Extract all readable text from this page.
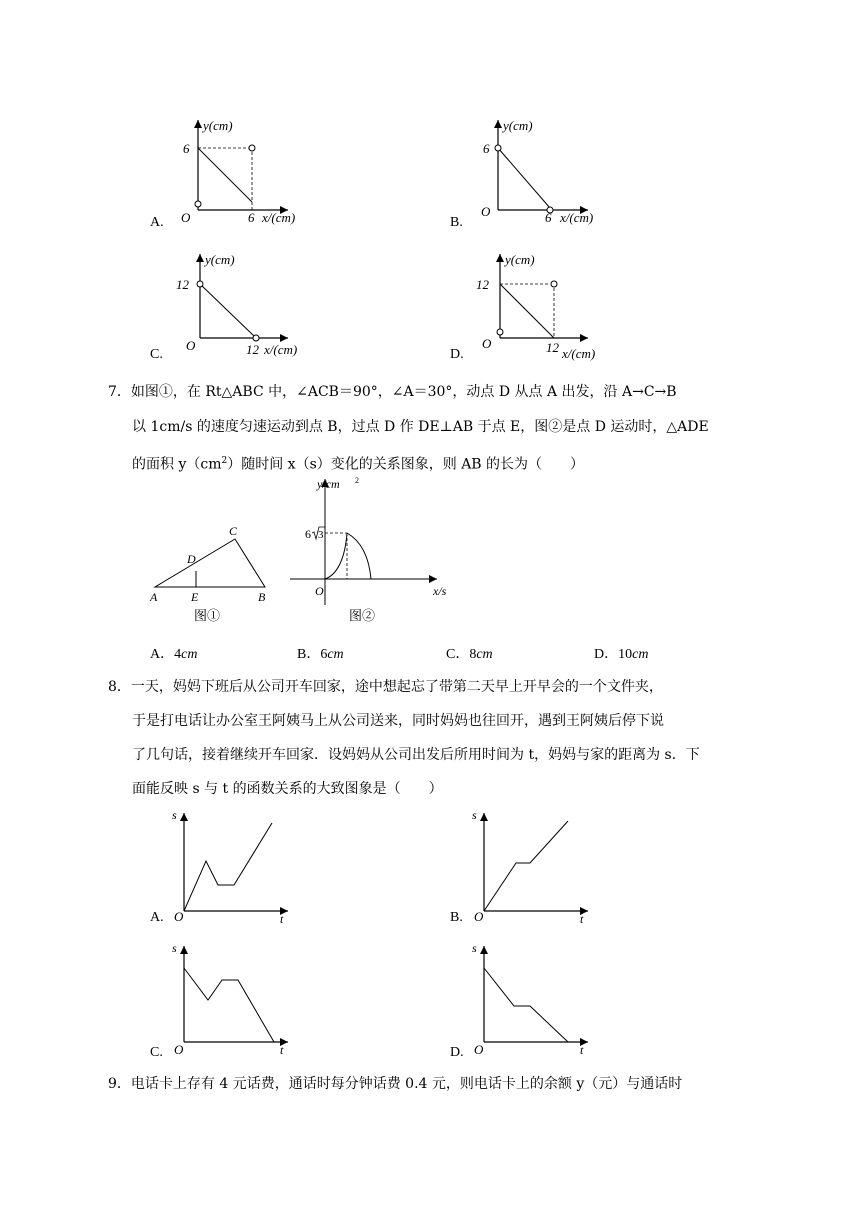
y(cm)
6
O	6 x/(cm)
A.
y(cm)
6
O	6 x/(cm)
B.
y(cm)
12
O	12 x/(cm)
C.
y(cm)
12
O	12 x/(cm)
D.
7．如图①，在 Rt△ABC 中，∠ACB＝90°，∠A＝30°，动点 D 从点 A 出发，沿 A→C→B
以 1cm/s 的速度匀速运动到点 B，过点 D 作 DE⊥AB 于点 E，图②是点 D 运动时，△ADE
的面积 $y(cm^2)$随时间 x（s）变化的关系图象，则 AB 的长为（　　）
A	E	B
C
D
图①
y/cm 2
6 3
O	x/s
图②
A．4cm	B．6cm	C．8cm	D．10cm
8．一天，妈妈下班后从公司开车回家，途中想起忘了带第二天早上开早会的一个文件夹，
于是打电话让办公室王阿姨马上从公司送来，同时妈妈也往回开，遇到王阿姨后停下说
了几句话，接着继续开车回家．设妈妈从公司出发后所用时间为 t，妈妈与家的距离为 s．下
面能反映 s 与 t 的函数关系的大致图象是（　　）
s
O	t
A.
s
O	t
B.
s
O	t
C.
s
O	t
D.
9．电话卡上存有 4 元话费，通话时每分钟话费 0.4 元，则电话卡上的余额 y（元）与通话时
